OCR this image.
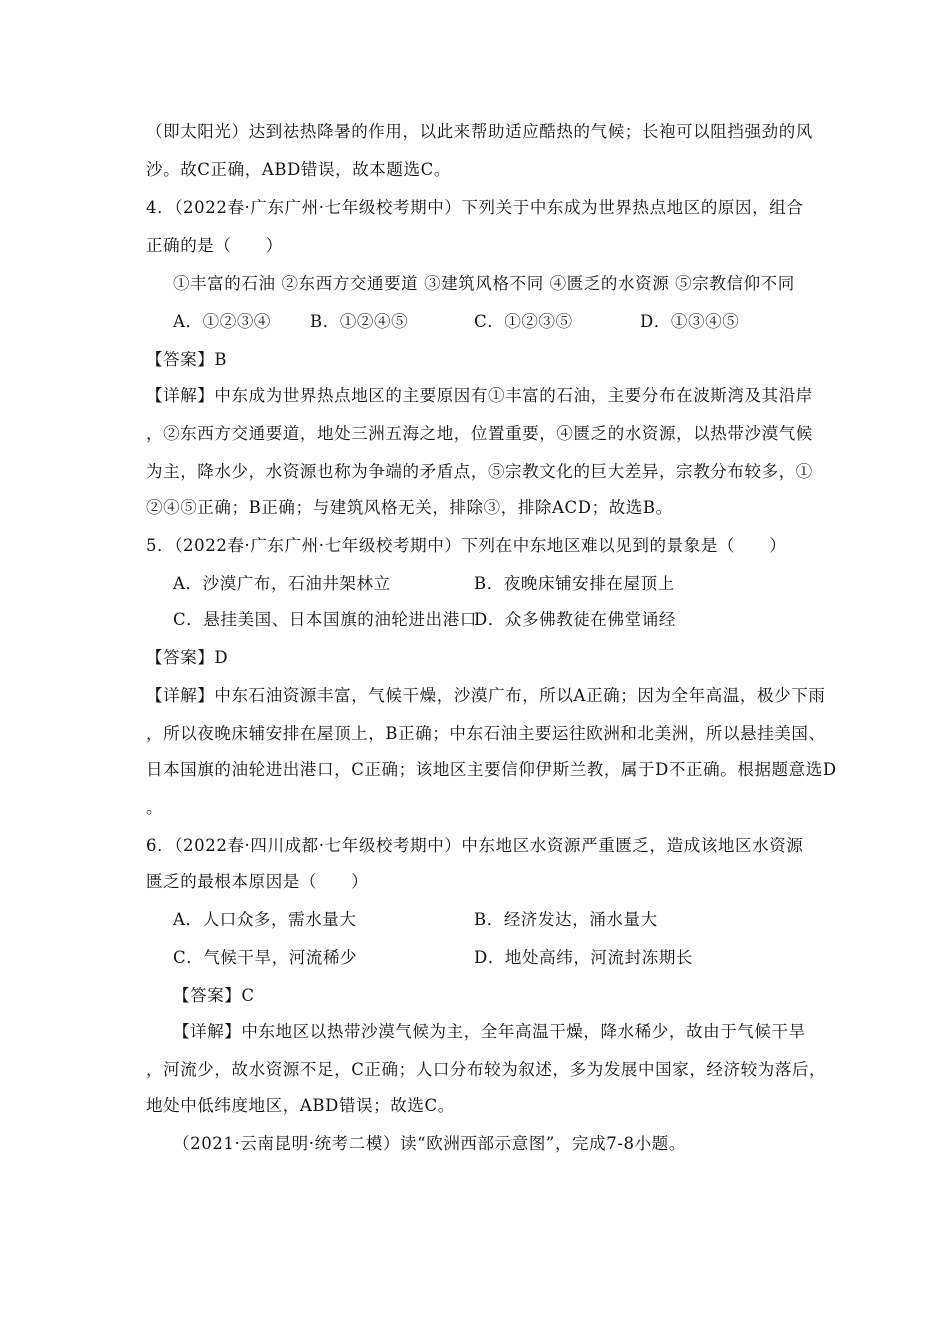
（即太阳光）达到祛热降暑的作用，以此来帮助适应酷热的气候；长袍可以阻挡强劲的风
沙。故C正确，ABD错误，故本题选C。
4．（2022春·广东广州·七年级校考期中）下列关于中东成为世界热点地区的原因，组合
正确的是（　　）
①丰富的石油 ②东西方交通要道 ③建筑风格不同 ④匮乏的水资源 ⑤宗教信仰不同
A．①②③④ B．①②④⑤	C．①②③⑤	D．①③④⑤
【答案】B
【详解】中东成为世界热点地区的主要原因有①丰富的石油，主要分布在波斯湾及其沿岸
，②东西方交通要道，地处三洲五海之地，位置重要，④匮乏的水资源，以热带沙漠气候
为主，降水少，水资源也称为争端的矛盾点，⑤宗教文化的巨大差异，宗教分布较多，①
②④⑤正确；B正确；与建筑风格无关，排除③，排除ACD；故选B。
5．（2022春·广东广州·七年级校考期中）下列在中东地区难以见到的景象是（　　）
A．沙漠广布，石油井架林立	B．夜晚床铺安排在屋顶上
C．悬挂美国、日本国旗的油轮进出港口
D．众多佛教徒在佛堂诵经
【答案】D
【详解】中东石油资源丰富，气候干燥，沙漠广布，所以A正确；因为全年高温，极少下雨
，所以夜晚床辅安排在屋顶上，B正确；中东石油主要运往欧洲和北美洲，所以悬挂美国、
日本国旗的油轮进出港口，C正确；该地区主要信仰伊斯兰教，属于D不正确。根据题意选D
。
6．（2022春·四川成都·七年级校考期中）中东地区水资源严重匮乏，造成该地区水资源
匮乏的最根本原因是（　　）
A．人口众多，需水量大	B．经济发达，涌水量大
C．气候干旱，河流稀少	D．地处高纬，河流封冻期长
【答案】C
【详解】中东地区以热带沙漠气候为主，全年高温干燥，降水稀少，故由于气候干旱
，河流少，故水资源不足，C正确；人口分布较为叙述，多为发展中国家，经济较为落后，
地处中低纬度地区，ABD错误；故选C。
（2021·云南昆明·统考二模）读“欧洲西部示意图”，完成7-8小题。
